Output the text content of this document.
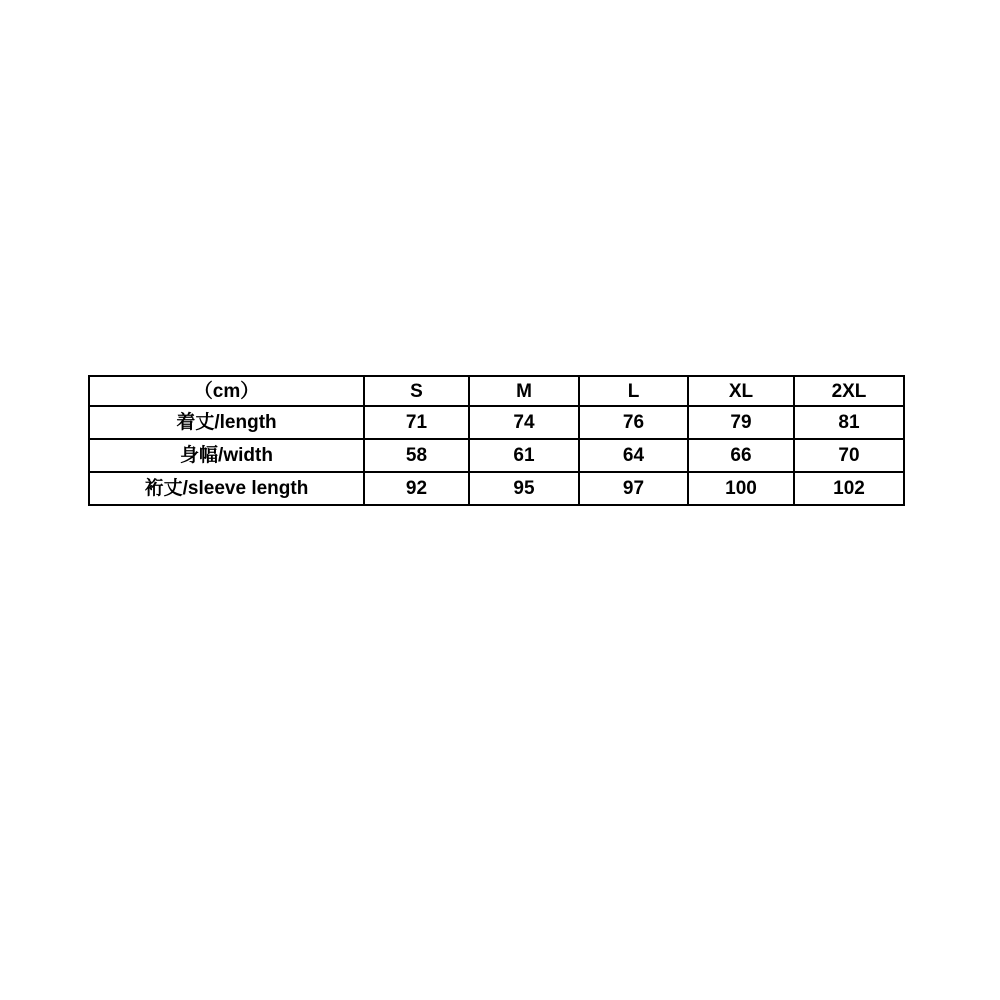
（cm）	S	M	L	XL	2XL
着丈/length	71	74	76	79	81
身幅/width	58	61	64	66	70
裄丈/sleeve length	92	95	97	100	102
